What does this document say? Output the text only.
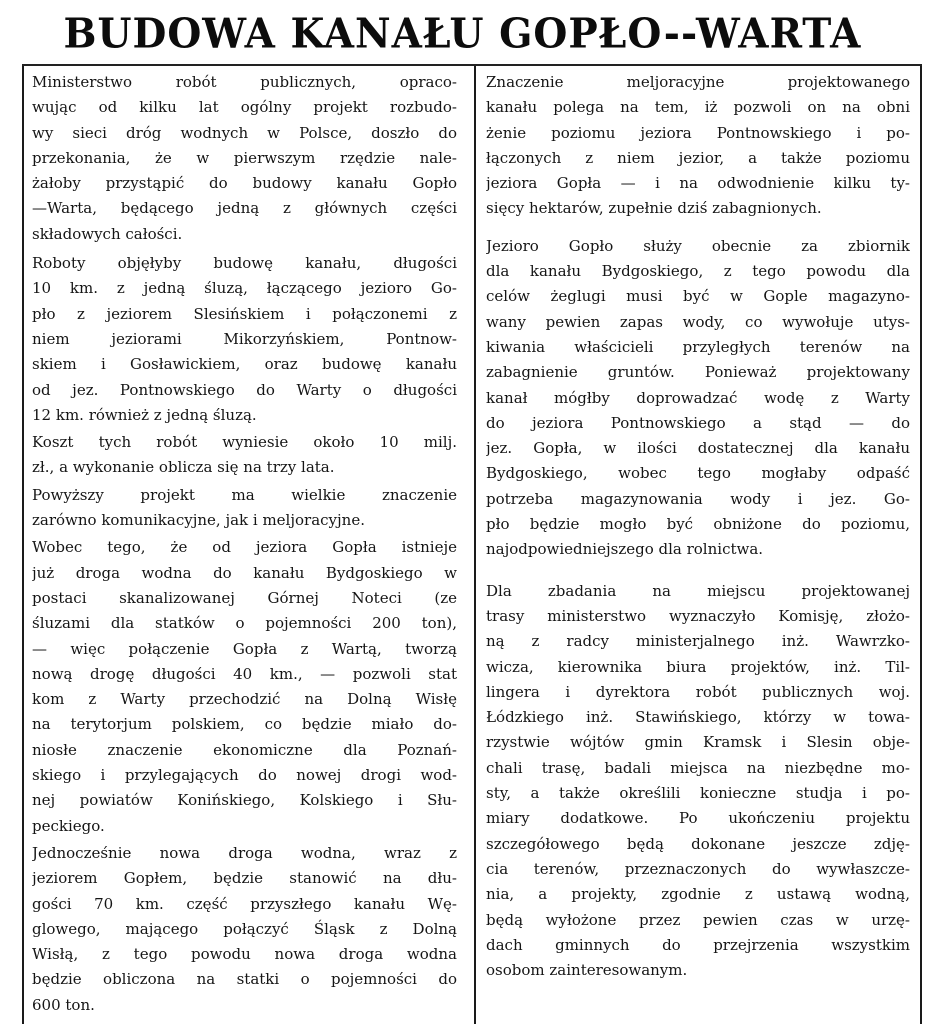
BUDOWA KANAŁU GOPŁO--WARTA

Ministerstwo robót publicznych, opraco-
wując od kilku lat ogólny projekt rozbudo-
wy sieci dróg wodnych w Polsce, doszło do
przekonania, że w pierwszym rzędzie nale-
żałoby przystąpić do budowy kanału Gopło
—Warta, będącego jedną z głównych części
składowych całości.

Roboty objęłyby budowę kanału, długości
10 km. z jedną śluzą, łączącego jezioro Go-
pło z jeziorem Slesińskiem i połączonemi z
niem jeziorami Mikorzyńskiem, Pontnow-
skiem i Gosławickiem, oraz budowę kanału
od jez. Pontnowskiego do Warty o długości
12 km. również z jedną śluzą.

Koszt tych robót wyniesie około 10 milj.
zł., a wykonanie oblicza się na trzy lata.

Powyższy projekt ma wielkie znaczenie
zarówno komunikacyjne, jak i meljoracyjne.

Wobec tego, że od jeziora Gopła istnieje
już droga wodna do kanału Bydgoskiego w
postaci skanalizowanej Górnej Noteci (ze
śluzami dla statków o pojemności 200 ton),
— więc połączenie Gopła z Wartą, tworzą
nową drogę długości 40 km., — pozwoli stat
kom z Warty przechodzić na Dolną Wisłę
na terytorjum polskiem, co będzie miało do-
niosłe znaczenie ekonomiczne dla Poznań-
skiego i przylegających do nowej drogi wod-
nej powiatów Konińskiego, Kolskiego i Słu-
peckiego.

Jednocześnie nowa droga wodna, wraz z
jeziorem Gopłem, będzie stanowić na dłu-
gości 70 km. część przyszłego kanału Wę-
glowego, mającego połączyć Śląsk z Dolną
Wisłą, z tego powodu nowa droga wodna
będzie obliczona na statki o pojemności do
600 ton.

Znaczenie meljoracyjne projektowanego
kanału polega na tem, iż pozwoli on na obni
żenie poziomu jeziora Pontnowskiego i po-
łączonych z niem jezior, a także poziomu
jeziora Gopła — i na odwodnienie kilku ty-
sięcy hektarów, zupełnie dziś zabagnionych.

Jezioro Gopło służy obecnie za zbiornik
dla kanału Bydgoskiego, z tego powodu dla
celów żeglugi musi być w Gople magazyno-
wany pewien zapas wody, co wywołuje utys-
kiwania właścicieli przyległych terenów na
zabagnienie gruntów. Ponieważ projektowany
kanał mógłby doprowadzać wodę z Warty
do jeziora Pontnowskiego a stąd — do
jez. Gopła, w ilości dostatecznej dla kanału
Bydgoskiego, wobec tego mogłaby odpaść
potrzeba magazynowania wody i jez. Go-
pło będzie mogło być obniżone do poziomu,
najodpowiedniejszego dla rolnictwa.

Dla zbadania na miejscu projektowanej
trasy ministerstwo wyznaczyło Komisję, złożo-
ną z radcy ministerjalnego inż. Wawrzko-
wicza, kierownika biura projektów, inż. Til-
lingera i dyrektora robót publicznych woj.
Łódzkiego inż. Stawińskiego, którzy w towa-
rzystwie wójtów gmin Kramsk i Slesin obje-
chali trasę, badali miejsca na niezbędne mo-
sty, a także określili konieczne studja i po-
miary dodatkowe. Po ukończeniu projektu
szczegółowego będą dokonane jeszcze zdję-
cia terenów, przeznaczonych do wywłaszcze-
nia, a projekty, zgodnie z ustawą wodną,
będą wyłożone przez pewien czas w urzę-
dach gminnych do przejrzenia wszystkim
osobom zainteresowanym.
